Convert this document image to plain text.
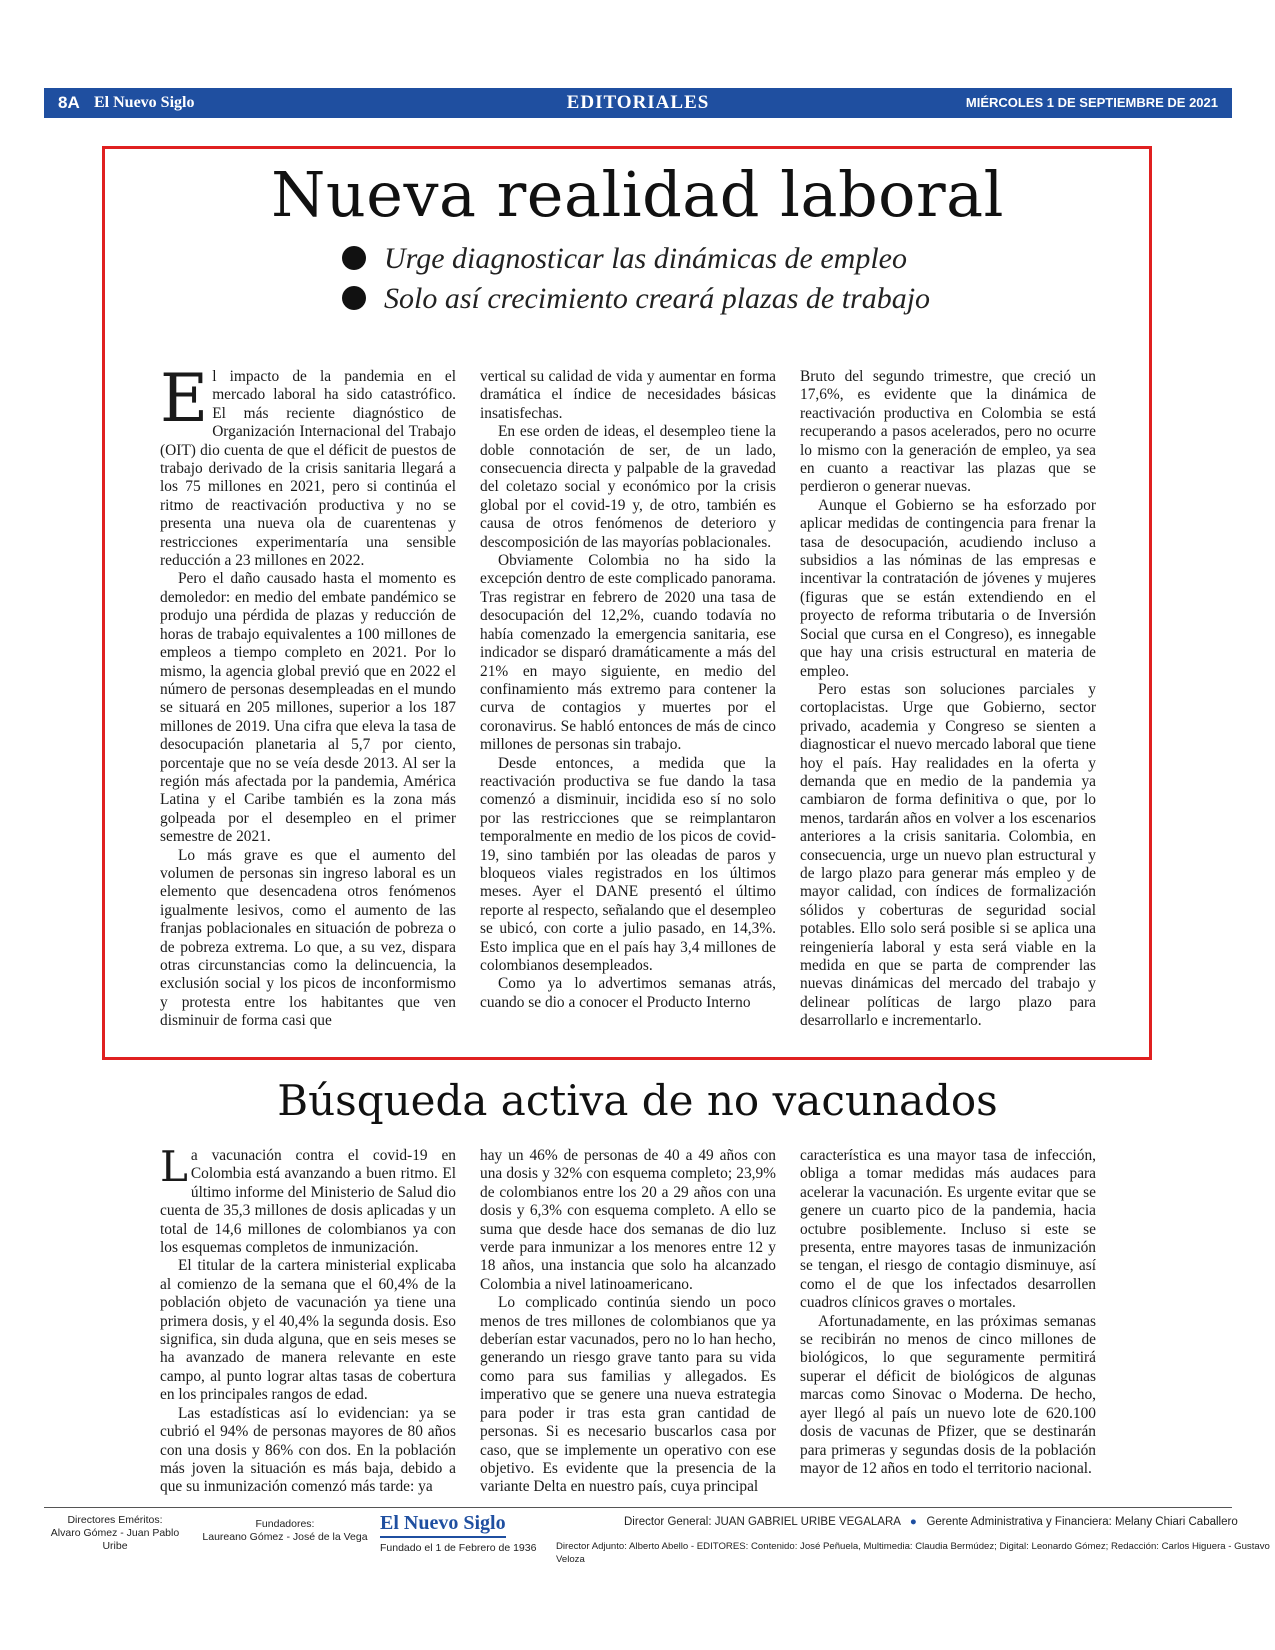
8A El Nuevo Siglo	EDITORIALES	MIÉRCOLES 1 DE SEPTIEMBRE DE 2021
Nueva realidad laboral
Urge diagnosticar las dinámicas de empleo
Solo así crecimiento creará plazas de trabajo

El impacto de la pandemia en el mercado laboral ha sido catastrófico. El más reciente diagnóstico de Organización Internacional del Trabajo (OIT) dio cuenta de que el déficit de puestos de trabajo derivado de la crisis sanitaria llegará a los 75 millones en 2021, pero si continúa el ritmo de reactivación productiva y no se presenta una nueva ola de cuarentenas y restricciones experimentaría una sensible reducción a 23 millones en 2022.

Pero el daño causado hasta el momento es demoledor: en medio del embate pandémico se produjo una pérdida de plazas y reducción de horas de trabajo equivalentes a 100 millones de empleos a tiempo completo en 2021. Por lo mismo, la agencia global previó que en 2022 el número de personas desempleadas en el mundo se situará en 205 millones, superior a los 187 millones de 2019. Una cifra que eleva la tasa de desocupación planetaria al 5,7 por ciento, porcentaje que no se veía desde 2013. Al ser la región más afectada por la pandemia, América Latina y el Caribe también es la zona más golpeada por el desempleo en el primer semestre de 2021.

Lo más grave es que el aumento del volumen de personas sin ingreso laboral es un elemento que desencadena otros fenómenos igualmente lesivos, como el aumento de las franjas poblacionales en situación de pobreza o de pobreza extrema. Lo que, a su vez, dispara otras circunstancias como la delincuencia, la exclusión social y los picos de inconformismo y protesta entre los habitantes que ven disminuir de forma casi que

vertical su calidad de vida y aumentar en forma dramática el índice de necesidades básicas insatisfechas.

En ese orden de ideas, el desempleo tiene la doble connotación de ser, de un lado, consecuencia directa y palpable de la gravedad del coletazo social y económico por la crisis global por el covid-19 y, de otro, también es causa de otros fenómenos de deterioro y descomposición de las mayorías poblacionales.

Obviamente Colombia no ha sido la excepción dentro de este complicado panorama. Tras registrar en febrero de 2020 una tasa de desocupación del 12,2%, cuando todavía no había comenzado la emergencia sanitaria, ese indicador se disparó dramáticamente a más del 21% en mayo siguiente, en medio del confinamiento más extremo para contener la curva de contagios y muertes por el coronavirus. Se habló entonces de más de cinco millones de personas sin trabajo.

Desde entonces, a medida que la reactivación productiva se fue dando la tasa comenzó a disminuir, incidida eso sí no solo por las restricciones que se reimplantaron temporalmente en medio de los picos de covid-19, sino también por las oleadas de paros y bloqueos viales registrados en los últimos meses. Ayer el DANE presentó el último reporte al respecto, señalando que el desempleo se ubicó, con corte a julio pasado, en 14,3%. Esto implica que en el país hay 3,4 millones de colombianos desempleados.

Como ya lo advertimos semanas atrás, cuando se dio a conocer el Producto Interno

Bruto del segundo trimestre, que creció un 17,6%, es evidente que la dinámica de reactivación productiva en Colombia se está recuperando a pasos acelerados, pero no ocurre lo mismo con la generación de empleo, ya sea en cuanto a reactivar las plazas que se perdieron o generar nuevas.

Aunque el Gobierno se ha esforzado por aplicar medidas de contingencia para frenar la tasa de desocupación, acudiendo incluso a subsidios a las nóminas de las empresas e incentivar la contratación de jóvenes y mujeres (figuras que se están extendiendo en el proyecto de reforma tributaria o de Inversión Social que cursa en el Congreso), es innegable que hay una crisis estructural en materia de empleo.

Pero estas son soluciones parciales y cortoplacistas. Urge que Gobierno, sector privado, academia y Congreso se sienten a diagnosticar el nuevo mercado laboral que tiene hoy el país. Hay realidades en la oferta y demanda que en medio de la pandemia ya cambiaron de forma definitiva o que, por lo menos, tardarán años en volver a los escenarios anteriores a la crisis sanitaria. Colombia, en consecuencia, urge un nuevo plan estructural y de largo plazo para generar más empleo y de mayor calidad, con índices de formalización sólidos y coberturas de seguridad social potables. Ello solo será posible si se aplica una reingeniería laboral y esta será viable en la medida en que se parta de comprender las nuevas dinámicas del mercado del trabajo y delinear políticas de largo plazo para desarrollarlo e incrementarlo.

Búsqueda activa de no vacunados

La vacunación contra el covid-19 en Colombia está avanzando a buen ritmo. El último informe del Ministerio de Salud dio cuenta de 35,3 millones de dosis aplicadas y un total de 14,6 millones de colombianos ya con los esquemas completos de inmunización.

El titular de la cartera ministerial explicaba al comienzo de la semana que el 60,4% de la población objeto de vacunación ya tiene una primera dosis, y el 40,4% la segunda dosis. Eso significa, sin duda alguna, que en seis meses se ha avanzado de manera relevante en este campo, al punto lograr altas tasas de cobertura en los principales rangos de edad.

Las estadísticas así lo evidencian: ya se cubrió el 94% de personas mayores de 80 años con una dosis y 86% con dos. En la población más joven la situación es más baja, debido a que su inmunización comenzó más tarde: ya

hay un 46% de personas de 40 a 49 años con una dosis y 32% con esquema completo; 23,9% de colombianos entre los 20 a 29 años con una dosis y 6,3% con esquema completo. A ello se suma que desde hace dos semanas de dio luz verde para inmunizar a los menores entre 12 y 18 años, una instancia que solo ha alcanzado Colombia a nivel latinoamericano.

Lo complicado continúa siendo un poco menos de tres millones de colombianos que ya deberían estar vacunados, pero no lo han hecho, generando un riesgo grave tanto para su vida como para sus familias y allegados. Es imperativo que se genere una nueva estrategia para poder ir tras esta gran cantidad de personas. Si es necesario buscarlos casa por caso, que se implemente un operativo con ese objetivo. Es evidente que la presencia de la variante Delta en nuestro país, cuya principal

característica es una mayor tasa de infección, obliga a tomar medidas más audaces para acelerar la vacunación. Es urgente evitar que se genere un cuarto pico de la pandemia, hacia octubre posiblemente. Incluso si este se presenta, entre mayores tasas de inmunización se tengan, el riesgo de contagio disminuye, así como el de que los infectados desarrollen cuadros clínicos graves o mortales.

Afortunadamente, en las próximas semanas se recibirán no menos de cinco millones de biológicos, lo que seguramente permitirá superar el déficit de biológicos de algunas marcas como Sinovac o Moderna. De hecho, ayer llegó al país un nuevo lote de 620.100 dosis de vacunas de Pfizer, que se destinarán para primeras y segundas dosis de la población mayor de 12 años en todo el territorio nacional.

Directores Eméritos:
Alvaro Gómez - Juan Pablo Uribe
Fundadores:
Laureano Gómez - José de la Vega
El Nuevo Siglo
Fundado el 1 de Febrero de 1936
Director General: JUAN GABRIEL URIBE VEGALARA   ●   Gerente Administrativa y Financiera: Melany Chiari Caballero
Director Adjunto: Alberto Abello - EDITORES: Contenido: José Peñuela, Multimedia: Claudia Bermúdez; Digital: Leonardo Gómez; Redacción: Carlos Higuera - Gustavo Veloza
